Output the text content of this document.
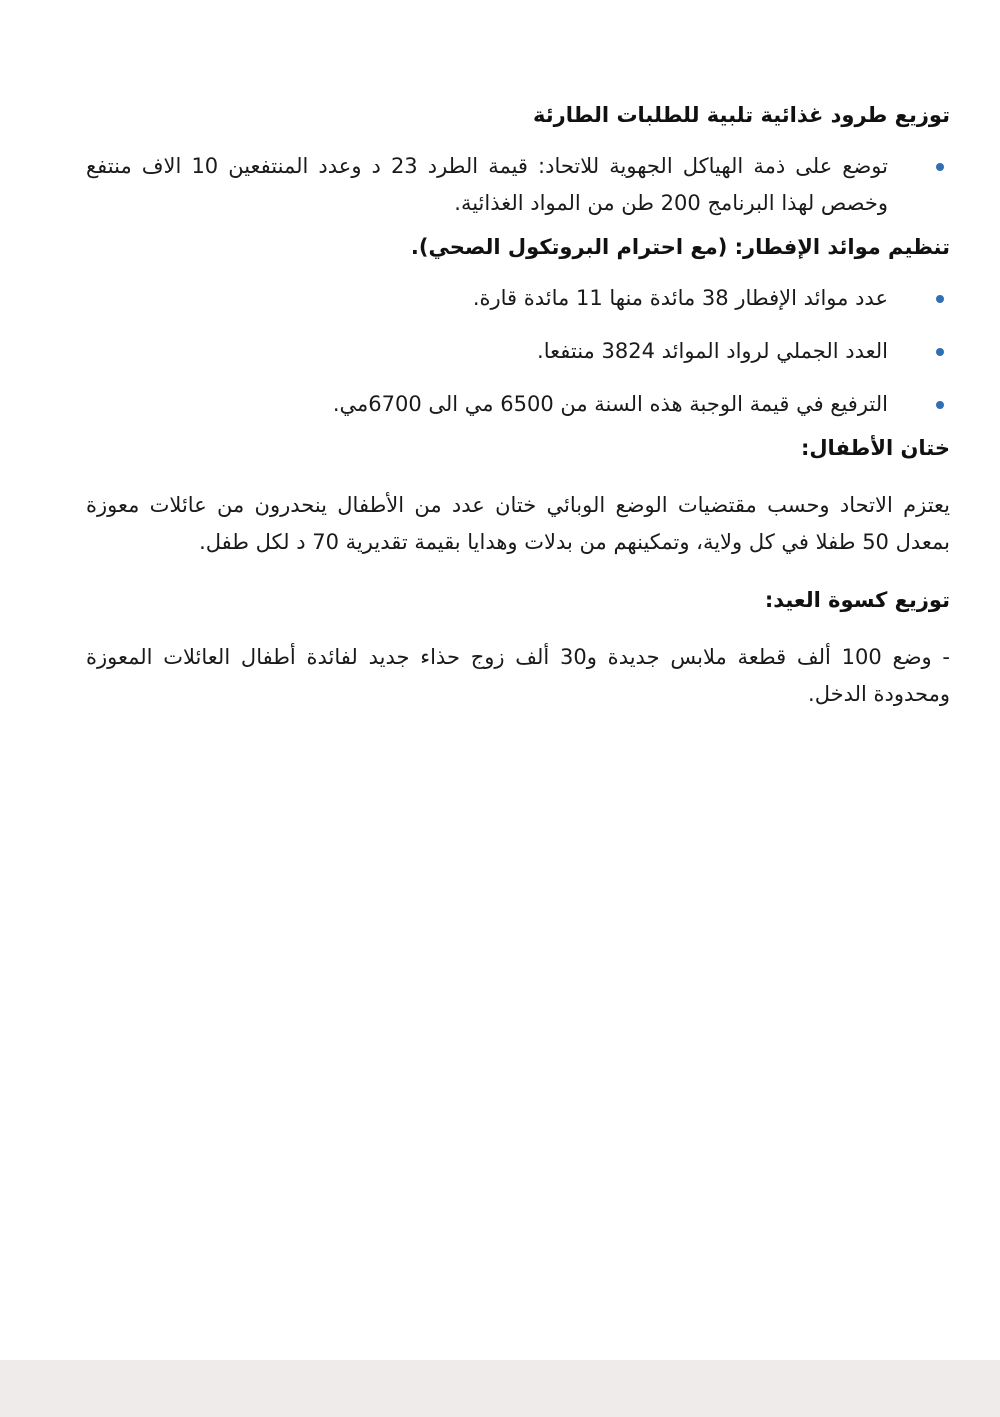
توزيع طرود غذائية تلبية للطلبات الطارئة
توضع على ذمة الهياكل الجهوية للاتحاد: قيمة الطرد 23 د وعدد المنتفعين 10 الاف منتفع وخصص لهذا البرنامج 200 طن من المواد الغذائية.
تنظيم موائد الإفطار: (مع احترام البروتكول الصحي).
عدد موائد الإفطار 38 مائدة منها 11 مائدة قارة.
العدد الجملي لرواد الموائد 3824 منتفعا.
الترفيع في قيمة الوجبة هذه السنة من 6500 مي الى 6700مي.
ختان الأطفال:

يعتزم الاتحاد وحسب مقتضيات الوضع الوبائي ختان عدد من الأطفال ينحدرون من عائلات معوزة بمعدل 50 طفلا في كل ولاية، وتمكينهم من بدلات وهدايا بقيمة تقديرية 70 د لكل طفل.

توزيع كسوة العيد:

- وضع 100 ألف قطعة ملابس جديدة و30 ألف زوج حذاء جديد لفائدة أطفال العائلات المعوزة ومحدودة الدخل.
